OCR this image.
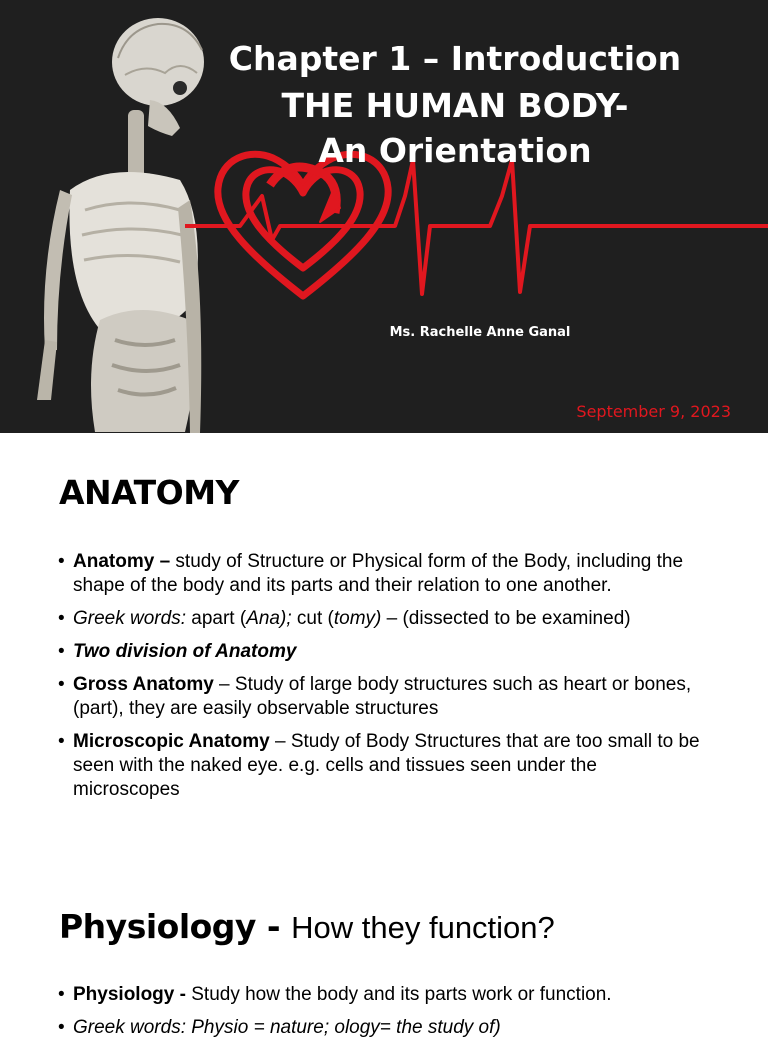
Chapter 1 – Introduction
THE HUMAN BODY-
An Orientation
Ms. Rachelle Anne Ganal
September 9, 2023
ANATOMY
• Anatomy – study of Structure or Physical form of the Body, including the shape of the body and its parts and their relation to one another.
• Greek words: apart (Ana); cut (tomy) – (dissected to be examined)
• Two division of Anatomy
• Gross Anatomy – Study of large body structures such as heart or bones, (part), they are easily observable structures
• Microscopic Anatomy – Study of Body Structures that are too small to be seen with the naked eye. e.g. cells and tissues seen under the microscopes
Physiology - How they function?
• Physiology - Study how the body and its parts work or function.
• Greek words: Physio = nature; ology= the study of)
